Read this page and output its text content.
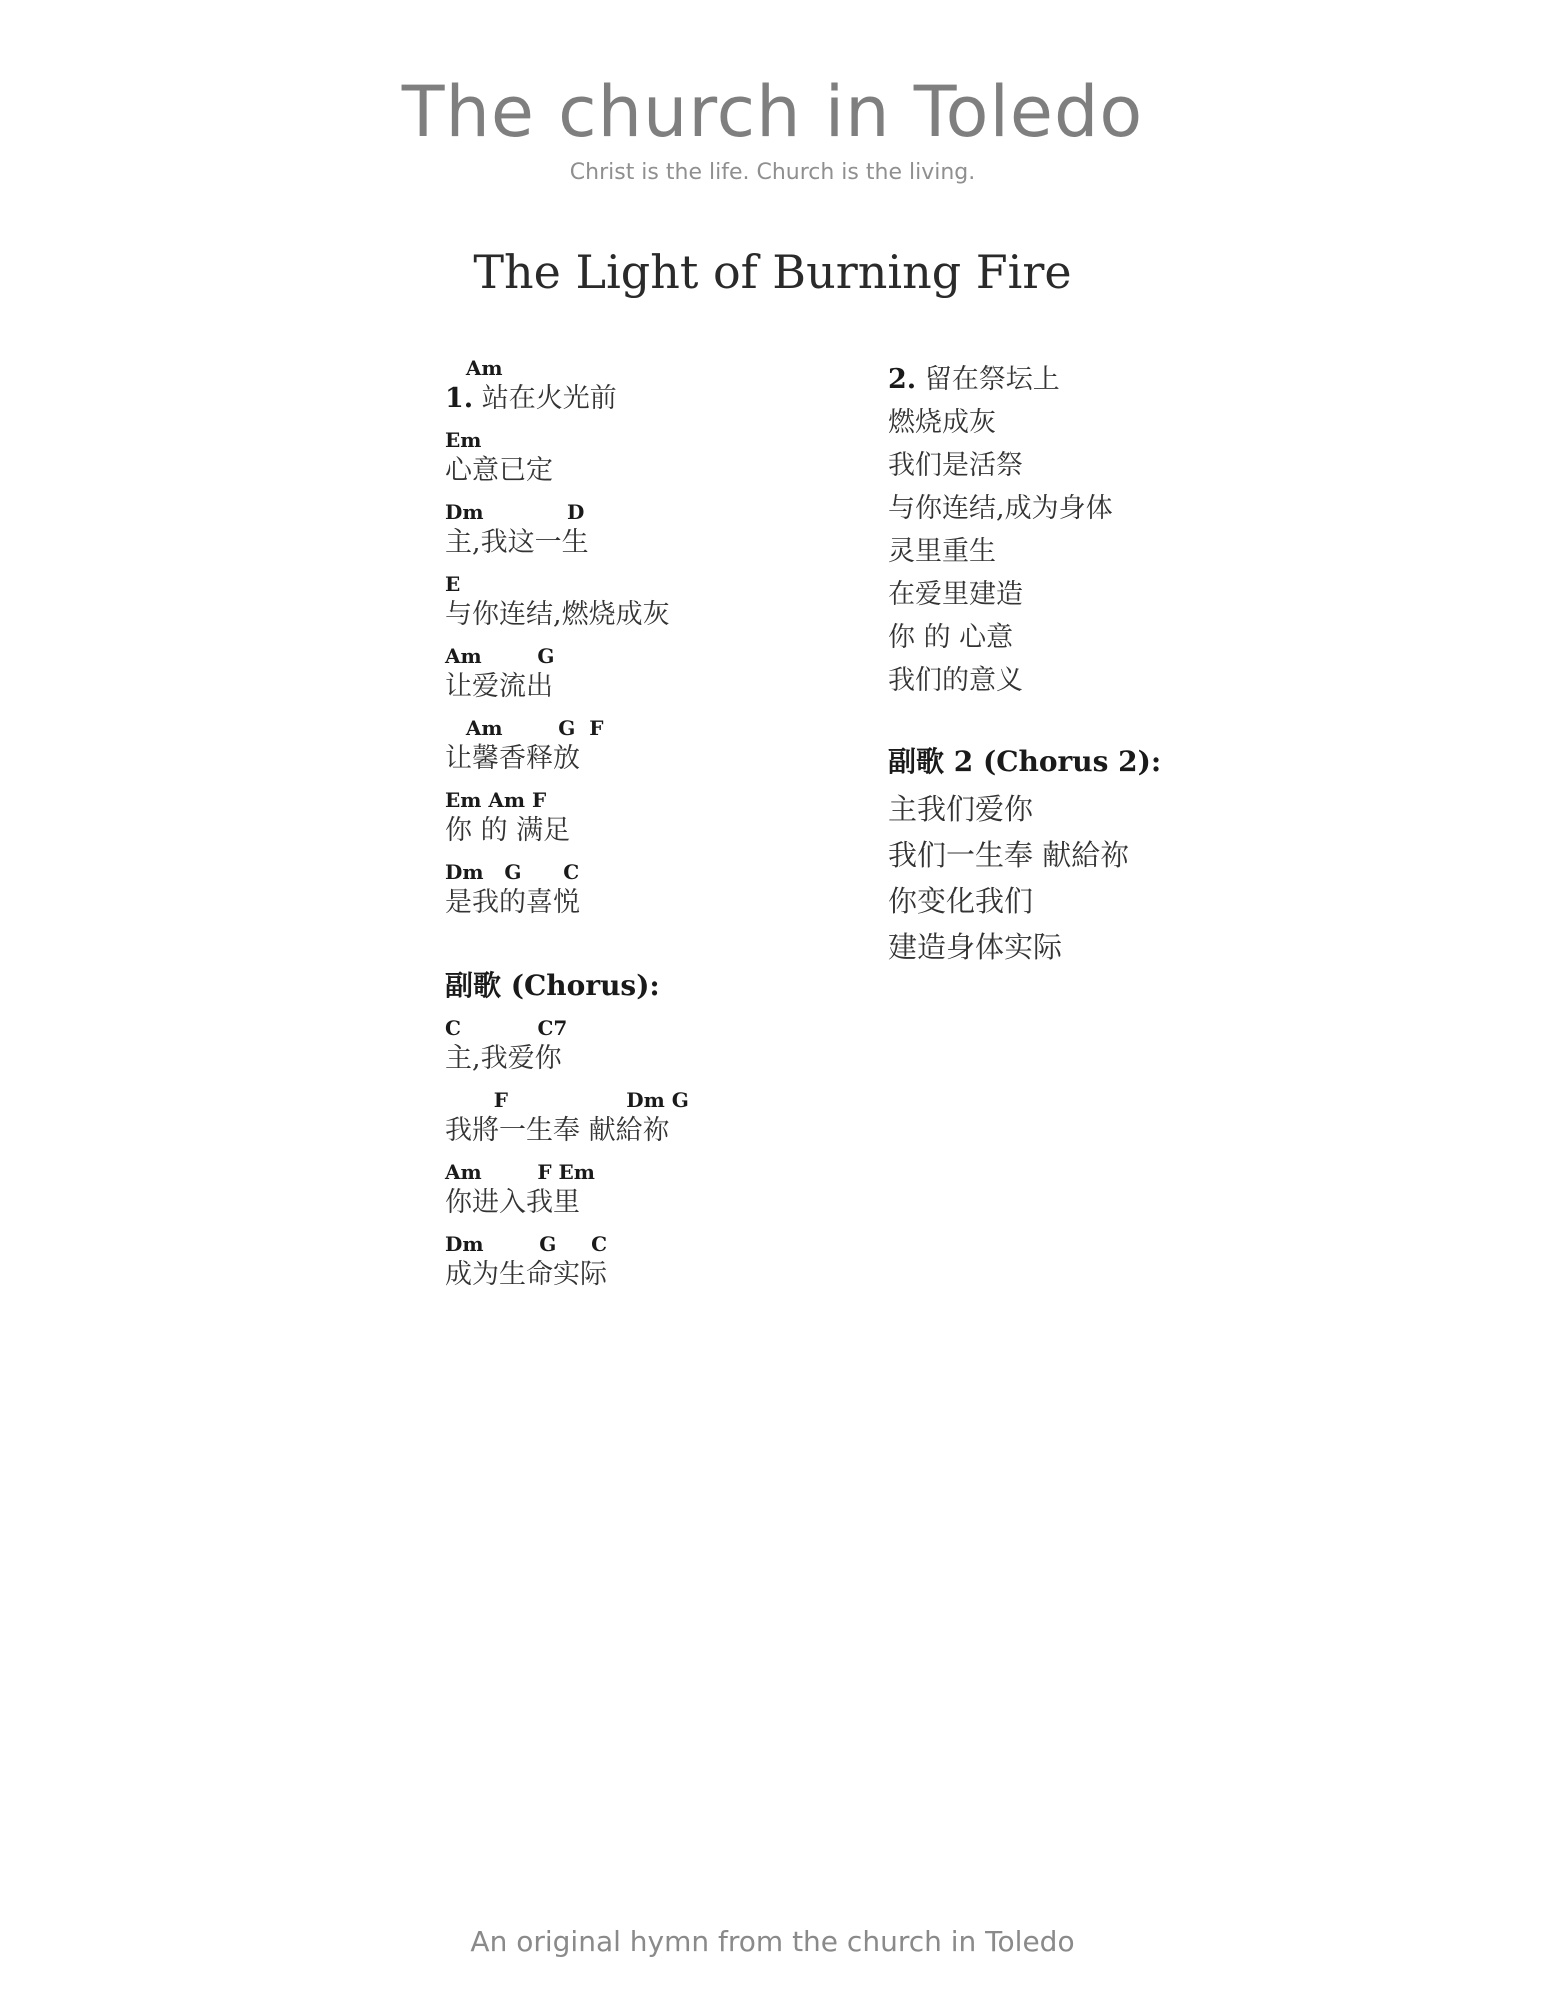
The church in Toledo
Christ is the life. Church is the living.
The Light of Burning Fire
Am
1. 站在火光前
Em
心意已定
Dm            D
主,我这一生
E
与你连结,燃烧成灰
Am        G
让爱流出
Am        G  F
让馨香释放
Em Am F
你 的 满足
Dm   G      C
是我的喜悦
副歌 (Chorus):
C           C7
主,我爱你
F                 Dm G
我將一生奉 献給祢
Am        F Em
你进入我里
Dm        G     C
成为生命实际
2. 留在祭坛上
燃烧成灰
我们是活祭
与你连结,成为身体
灵里重生
在爱里建造
你 的 心意
我们的意义
副歌 2 (Chorus 2):
主我们爱你
我们一生奉 献給祢
你变化我们
建造身体实际
An original hymn from the church in Toledo
